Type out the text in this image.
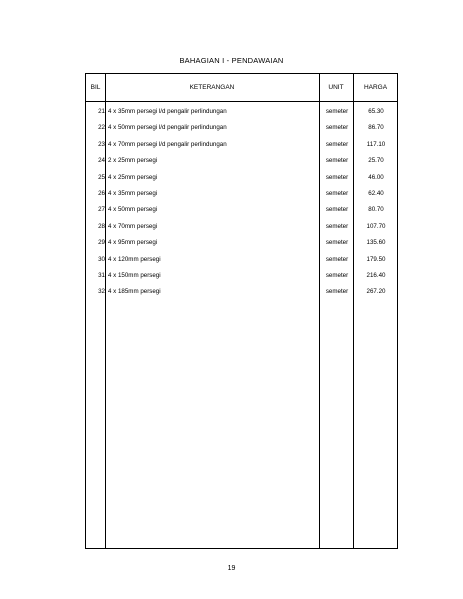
BAHAGIAN I - PENDAWAIAN
BIL	KETERANGAN	UNIT	HARGA
21 4 x 35mm persegi l/d pengalir perlindungan	semeter	65.30
22 4 x 50mm persegi l/d pengalir perlindungan	semeter	86.70
23 4 x 70mm persegi l/d pengalir perlindungan	semeter	117.10
24 2 x 25mm persegi	semeter	25.70
25 4 x 25mm persegi	semeter	46.00
26 4 x 35mm persegi	semeter	62.40
27 4 x 50mm persegi	semeter	80.70
28 4 x 70mm persegi	semeter	107.70
29 4 x 95mm persegi	semeter	135.60
30 4 x 120mm persegi	semeter	179.50
31 4 x 150mm persegi	semeter	216.40
32 4 x 185mm persegi	semeter	267.20
19
